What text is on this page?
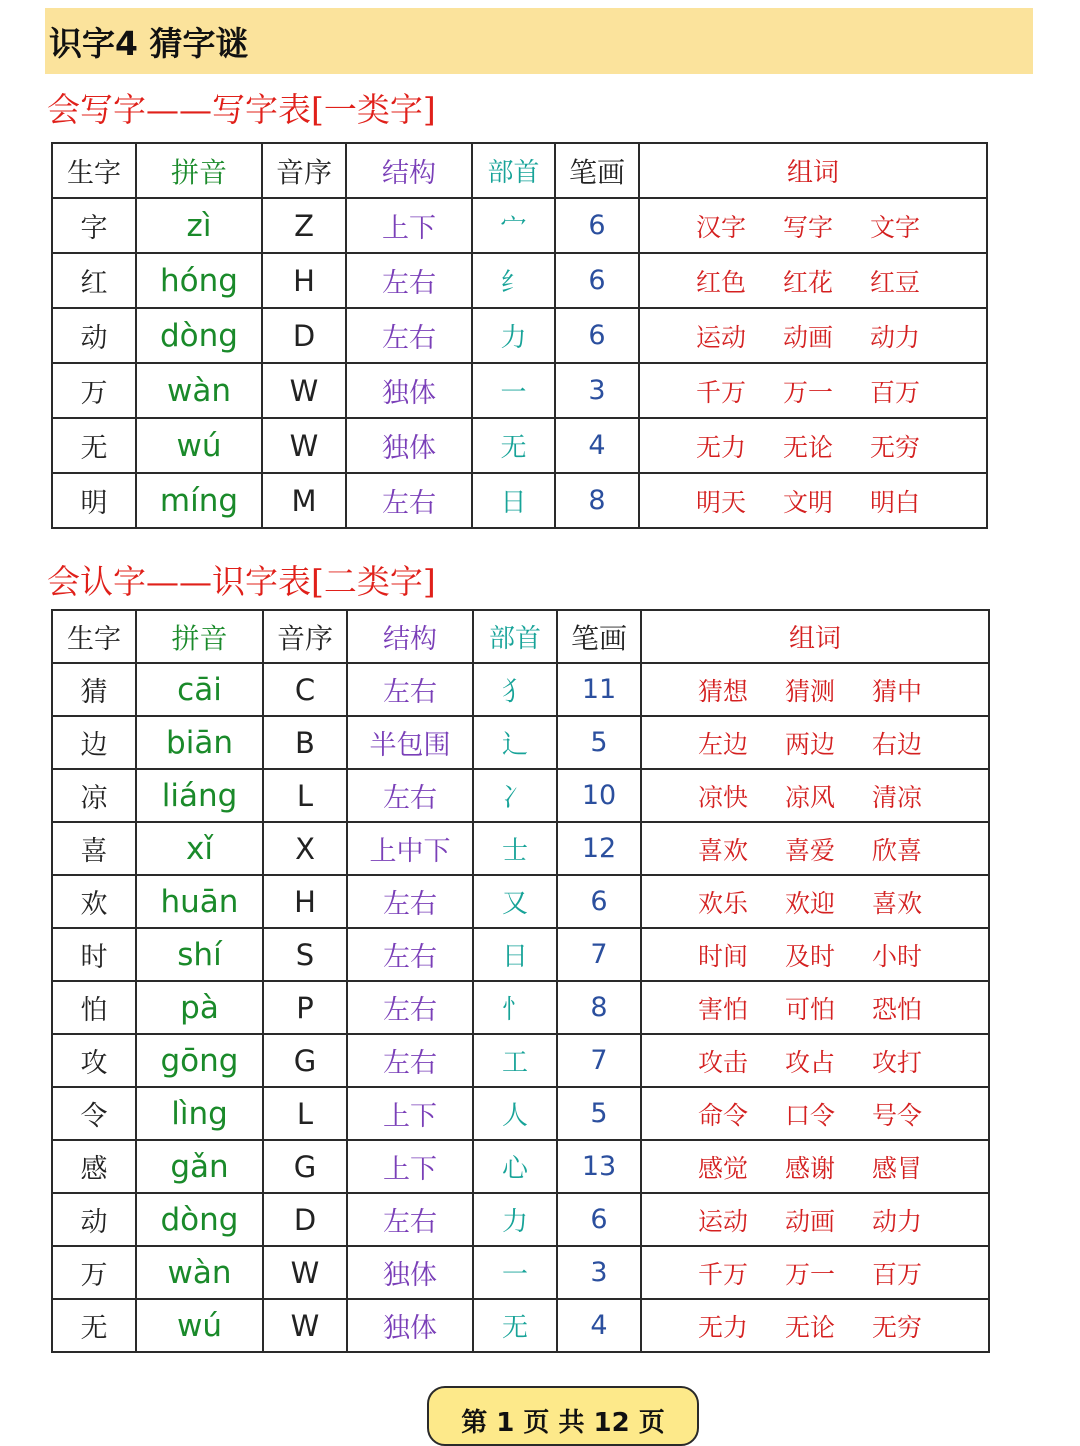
识字4 猜字谜
会写字——写字表[一类字]
生字	拼音	音序	结构	部首	笔画	组词
字	zì	Z	上下	宀	6	汉字 写字 文字
红	hóng	H	左右	纟	6	红色 红花 红豆
动	dòng	D	左右	力	6	运动 动画 动力
万	wàn	W	独体	一	3	千万 万一 百万
无	wú	W	独体	无	4	无力 无论 无穷
明	míng	M	左右	日	8	明天 文明 明白
会认字——识字表[二类字]
生字	拼音	音序	结构	部首	笔画	组词
猜	cāi	C	左右	犭	11	猜想 猜测 猜中
边	biān	B	半包围	辶	5	左边 两边 右边
凉	liáng	L	左右	冫	10	凉快 凉风 清凉
喜	xǐ	X	上中下	士	12	喜欢 喜爱 欣喜
欢	huān	H	左右	又	6	欢乐 欢迎 喜欢
时	shí	S	左右	日	7	时间 及时 小时
怕	pà	P	左右	忄	8	害怕 可怕 恐怕
攻	gōng	G	左右	工	7	攻击 攻占 攻打
令	lìng	L	上下	人	5	命令 口令 号令
感	gǎn	G	上下	心	13	感觉 感谢 感冒
动	dòng	D	左右	力	6	运动 动画 动力
万	wàn	W	独体	一	3	千万 万一 百万
无	wú	W	独体	无	4	无力 无论 无穷
第 1 页 共 12 页
